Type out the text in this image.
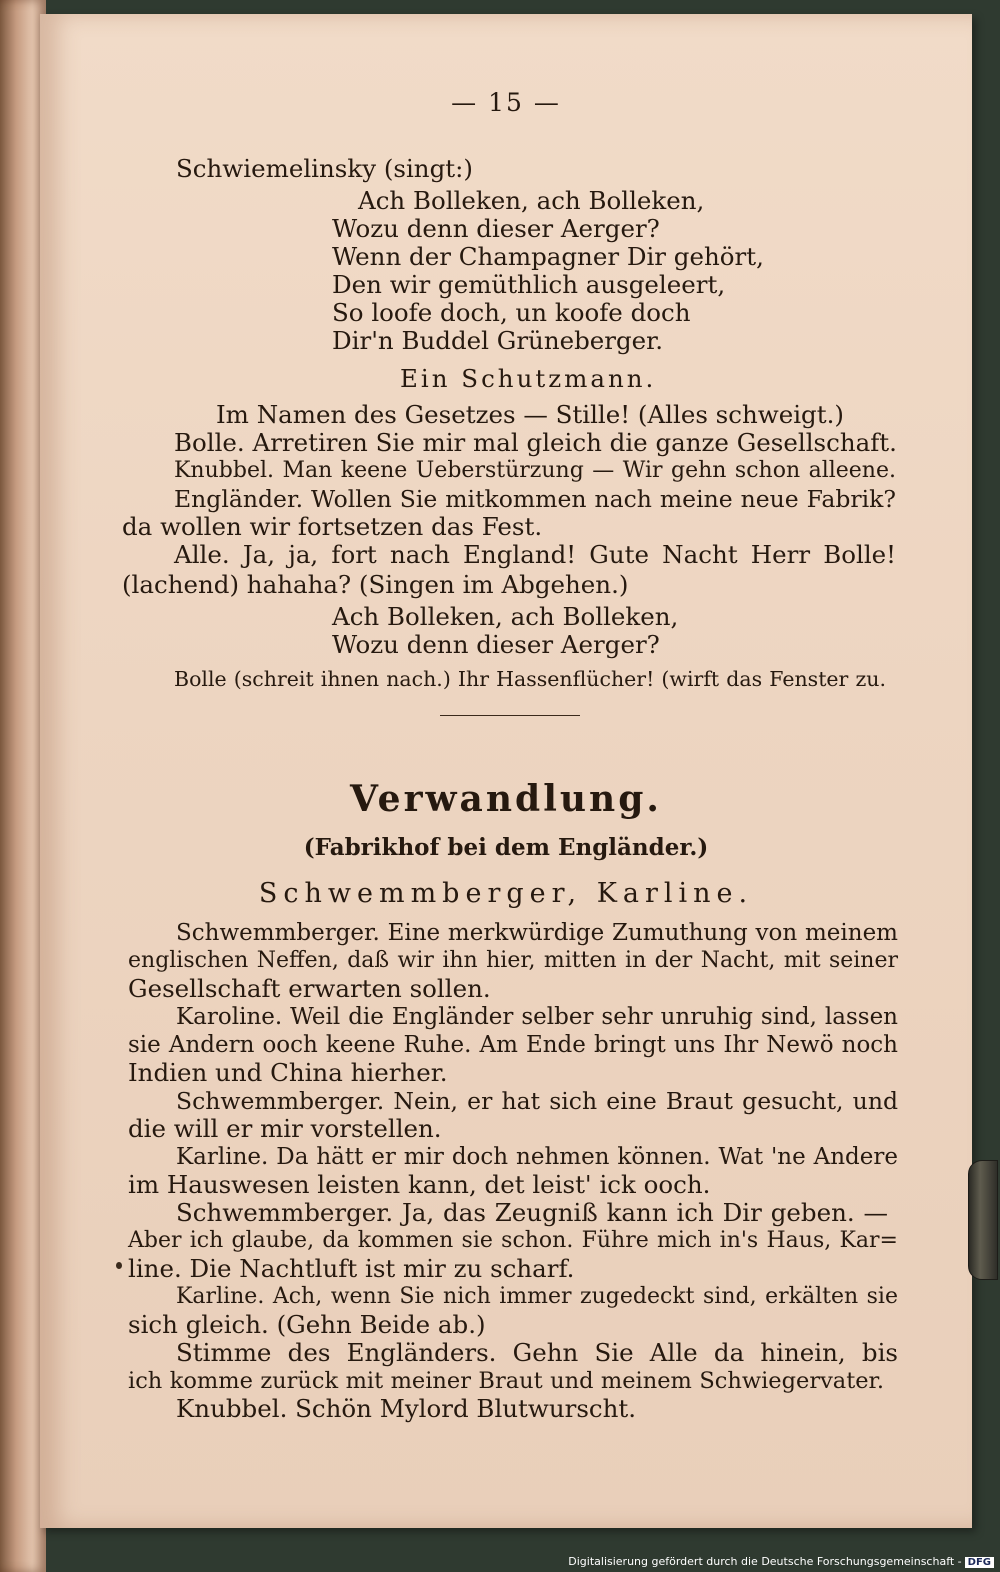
— 15 —
Schwiemelinsky (singt:)
Ach Bolleken, ach Bolleken,
Wozu denn dieser Aerger?
Wenn der Champagner Dir gehört,
Den wir gemüthlich ausgeleert,
So loofe doch, un koofe doch
Dir'n Buddel Grüneberger.
Ein Schutzmann.
Im Namen des Gesetzes — Stille! (Alles schweigt.)
Bolle. Arretiren Sie mir mal gleich die ganze Gesellschaft.
Knubbel. Man keene Ueberstürzung — Wir gehn schon alleene.
Engländer. Wollen Sie mitkommen nach meine neue Fabrik?
da wollen wir fortsetzen das Fest.
Alle. Ja, ja, fort nach England! Gute Nacht Herr Bolle!
(lachend) hahaha? (Singen im Abgehen.)
Ach Bolleken, ach Bolleken,
Wozu denn dieser Aerger?
Bolle (schreit ihnen nach.) Ihr Hassenflücher! (wirft das Fenster zu.
Verwandlung.
(Fabrikhof bei dem Engländer.)
Schwemmberger, Karline.
Schwemmberger. Eine merkwürdige Zumuthung von meinem
englischen Neffen, daß wir ihn hier, mitten in der Nacht, mit seiner
Gesellschaft erwarten sollen.
Karoline. Weil die Engländer selber sehr unruhig sind, lassen
sie Andern ooch keene Ruhe. Am Ende bringt uns Ihr Newö noch
Indien und China hierher.
Schwemmberger. Nein, er hat sich eine Braut gesucht, und
die will er mir vorstellen.
Karline. Da hätt er mir doch nehmen können. Wat 'ne Andere
im Hauswesen leisten kann, det leist' ick ooch.
Schwemmberger. Ja, das Zeugniß kann ich Dir geben. —
Aber ich glaube, da kommen sie schon. Führe mich in's Haus, Kar=
line. Die Nachtluft ist mir zu scharf.
Karline. Ach, wenn Sie nich immer zugedeckt sind, erkälten sie
sich gleich. (Gehn Beide ab.)
Stimme des Engländers. Gehn Sie Alle da hinein, bis
ich komme zurück mit meiner Braut und meinem Schwiegervater.
Knubbel. Schön Mylord Blutwurscht.
Digitalisierung gefördert durch die Deutsche Forschungsgemeinschaft - DFG
